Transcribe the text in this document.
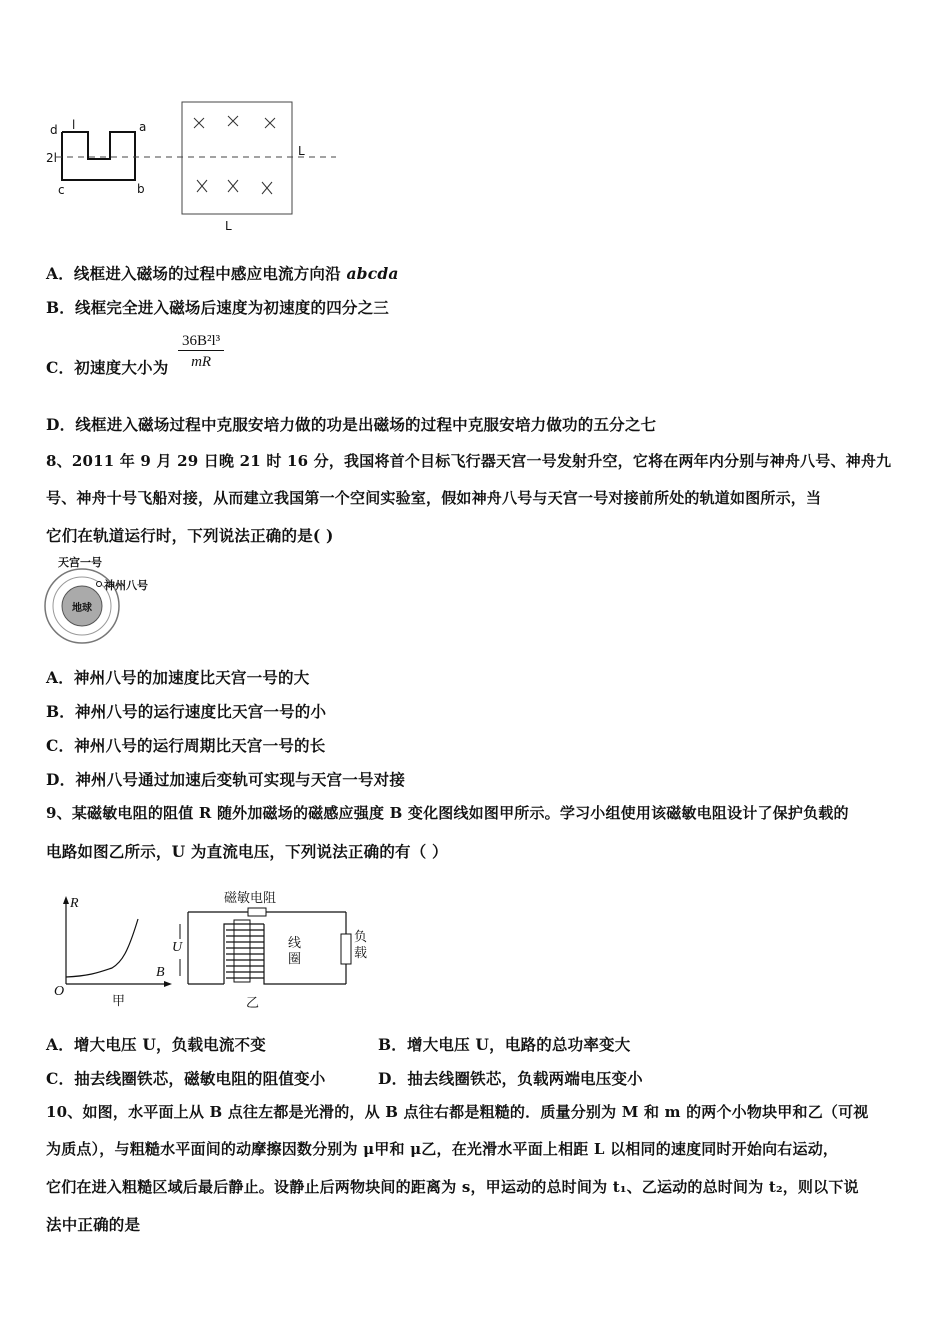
d l	a
2l
c	b
L
L
A．线框进入磁场的过程中感应电流方向沿 abcda
B．线框完全进入磁场后速度为初速度的四分之三
C．初速度大小为 $\frac{\text{36B²l³}}{mR}$
D．线框进入磁场过程中克服安培力做的功是出磁场的过程中克服安培力做功的五分之七
8、2011 年 9 月 29 日晚 21 时 16 分，我国将首个目标飞行器天宫一号发射升空，它将在两年内分别与神舟八号、神舟九
号、神舟十号飞船对接，从而建立我国第一个空间实验室，假如神舟八号与天宫一号对接前所处的轨道如图所示，当
它们在轨道运行时，下列说法正确的是( )
天宫一号
神州八号
地球
A．神州八号的加速度比天宫一号的大
B．神州八号的运行速度比天宫一号的小
C．神州八号的运行周期比天宫一号的长
D．神州八号通过加速后变轨可实现与天宫一号对接
9、某磁敏电阻的阻值 R 随外加磁场的磁感应强度 B 变化图线如图甲所示。学习小组使用该磁敏电阻设计了保护负载的
电路如图乙所示，U 为直流电压，下列说法正确的有（ ）
R
B
O
甲
磁敏电阻
U	线圈
负载
乙
A．增大电压 U，负载电流不变	B．增大电压 U，电路的总功率变大
C．抽去线圈铁芯，磁敏电阻的阻值变小	D．抽去线圈铁芯，负载两端电压变小
10、如图，水平面上从 B 点往左都是光滑的，从 B 点往右都是粗糙的．质量分别为 M 和 m 的两个小物块甲和乙（可视
为质点），与粗糙水平面间的动摩擦因数分别为 μ甲和 μ乙，在光滑水平面上相距 L 以相同的速度同时开始向右运动，
它们在进入粗糙区域后最后静止。设静止后两物块间的距离为 s，甲运动的总时间为 t₁、乙运动的总时间为 t₂，则以下说
法中正确的是
